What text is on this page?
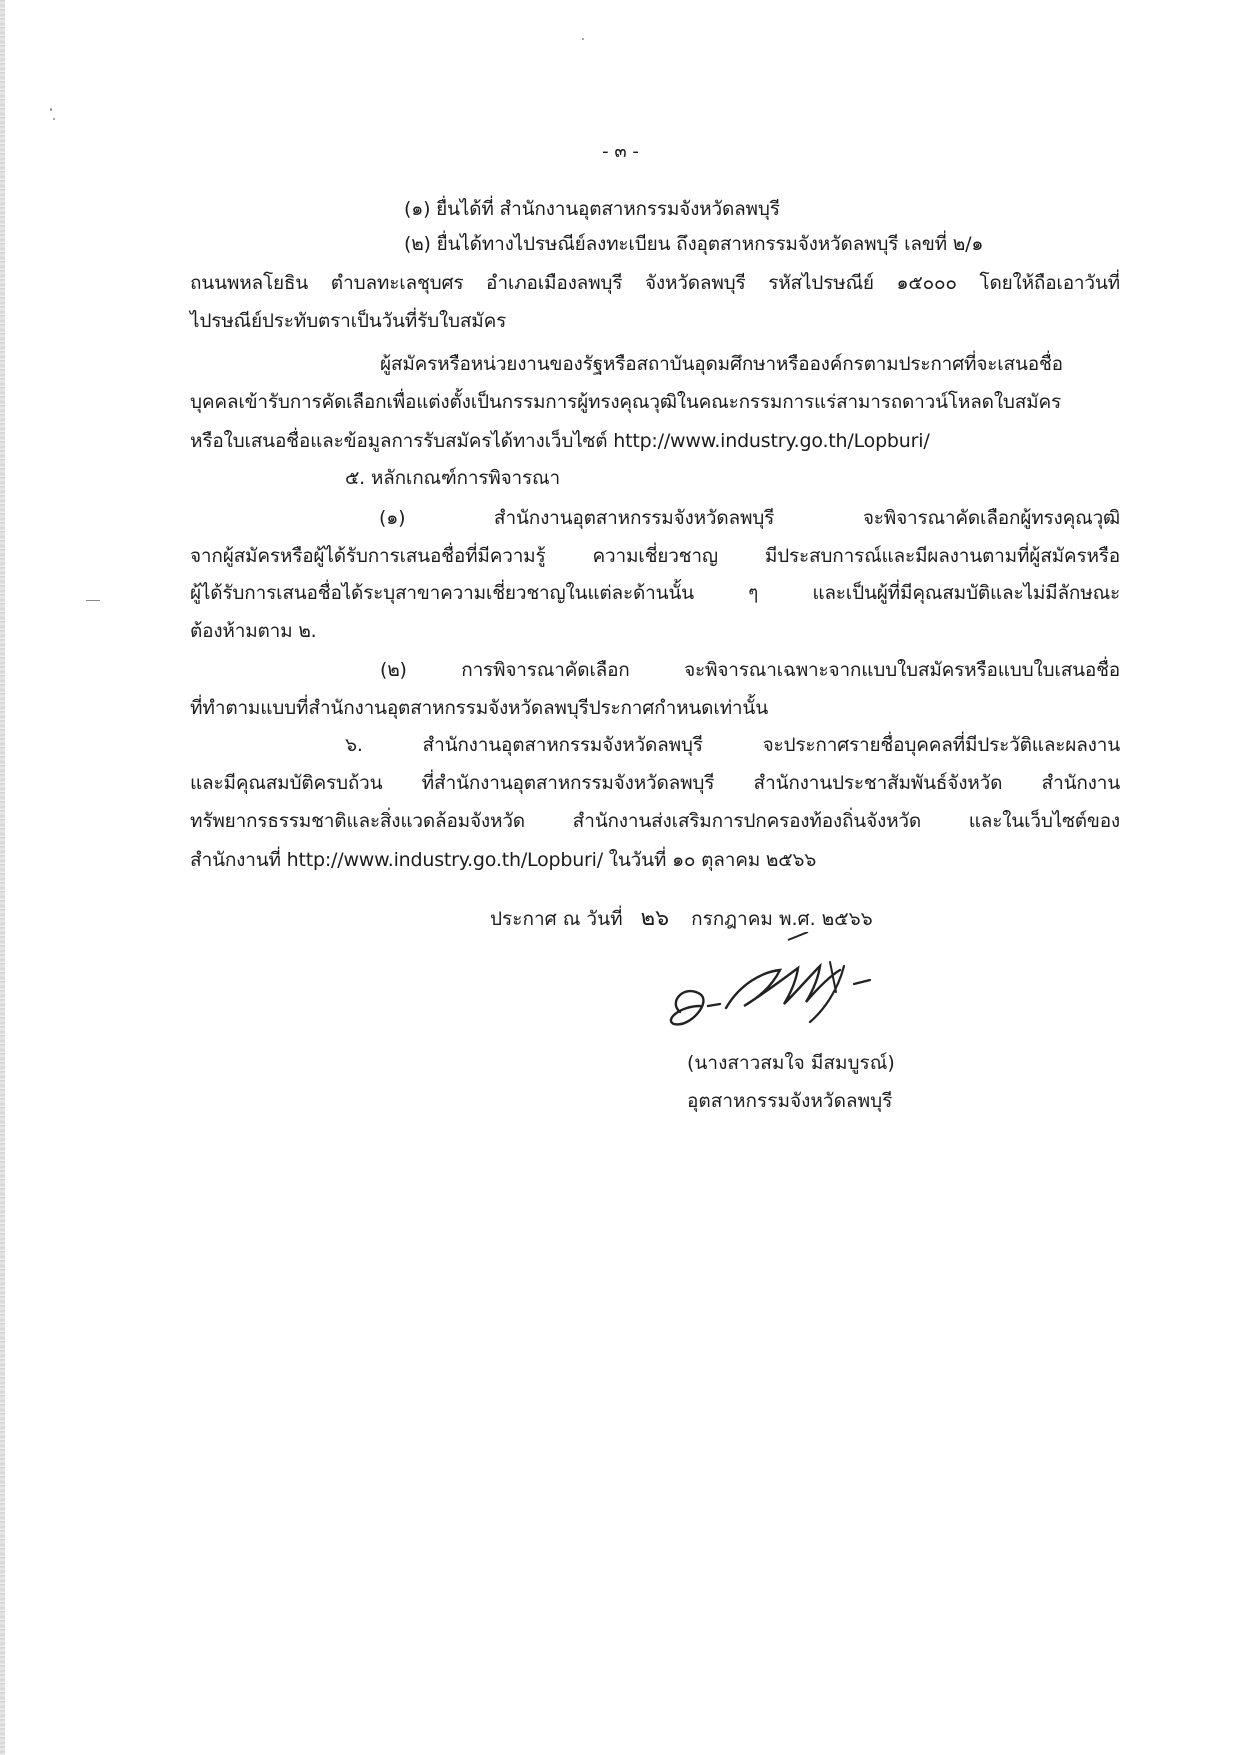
- ๓ -
(๑) ยื่นได้ที่ สำนักงานอุตสาหกรรมจังหวัดลพบุรี
(๒) ยื่นได้ทางไปรษณีย์ลงทะเบียน ถึงอุตสาหกรรมจังหวัดลพบุรี เลขที่ ๒/๑
ถนนพหลโยธิน ตำบลทะเลชุบศร อำเภอเมืองลพบุรี จังหวัดลพบุรี รหัสไปรษณีย์ ๑๕๐๐๐ โดยให้ถือเอาวันที่
ไปรษณีย์ประทับตราเป็นวันที่รับใบสมัคร
ผู้สมัครหรือหน่วยงานของรัฐหรือสถาบันอุดมศึกษาหรือองค์กรตามประกาศที่จะเสนอชื่อ
บุคคลเข้ารับการคัดเลือกเพื่อแต่งตั้งเป็นกรรมการผู้ทรงคุณวุฒิในคณะกรรมการแร่สามารถดาวน์โหลดใบสมัคร
หรือใบเสนอชื่อและข้อมูลการรับสมัครได้ทางเว็บไซต์ http://www.industry.go.th/Lopburi/
๕. หลักเกณฑ์การพิจารณา
(๑) สำนักงานอุตสาหกรรมจังหวัดลพบุรี จะพิจารณาคัดเลือกผู้ทรงคุณวุฒิ
จากผู้สมัครหรือผู้ได้รับการเสนอชื่อที่มีความรู้ ความเชี่ยวชาญ มีประสบการณ์และมีผลงานตามที่ผู้สมัครหรือ
ผู้ได้รับการเสนอชื่อได้ระบุสาขาความเชี่ยวชาญในแต่ละด้านนั้น ๆ และเป็นผู้ที่มีคุณสมบัติและไม่มีลักษณะ
ต้องห้ามตาม ๒.
(๒) การพิจารณาคัดเลือก จะพิจารณาเฉพาะจากแบบใบสมัครหรือแบบใบเสนอชื่อ
ที่ทำตามแบบที่สำนักงานอุตสาหกรรมจังหวัดลพบุรีประกาศกำหนดเท่านั้น
๖. สำนักงานอุตสาหกรรมจังหวัดลพบุรี จะประกาศรายชื่อบุคคลที่มีประวัติและผลงาน
และมีคุณสมบัติครบถ้วน ที่สำนักงานอุตสาหกรรมจังหวัดลพบุรี สำนักงานประชาสัมพันธ์จังหวัด สำนักงาน
ทรัพยากรธรรมชาติและสิ่งแวดล้อมจังหวัด สำนักงานส่งเสริมการปกครองท้องถิ่นจังหวัด และในเว็บไซต์ของ
สำนักงานที่ http://www.industry.go.th/Lopburi/ ในวันที่ ๑๐ ตุลาคม ๒๕๖๖
ประกาศ ณ วันที่ ๒๖ กรกฎาคม พ.ศ. ๒๕๖๖
(นางสาวสมใจ มีสมบูรณ์)
อุตสาหกรรมจังหวัดลพบุรี
